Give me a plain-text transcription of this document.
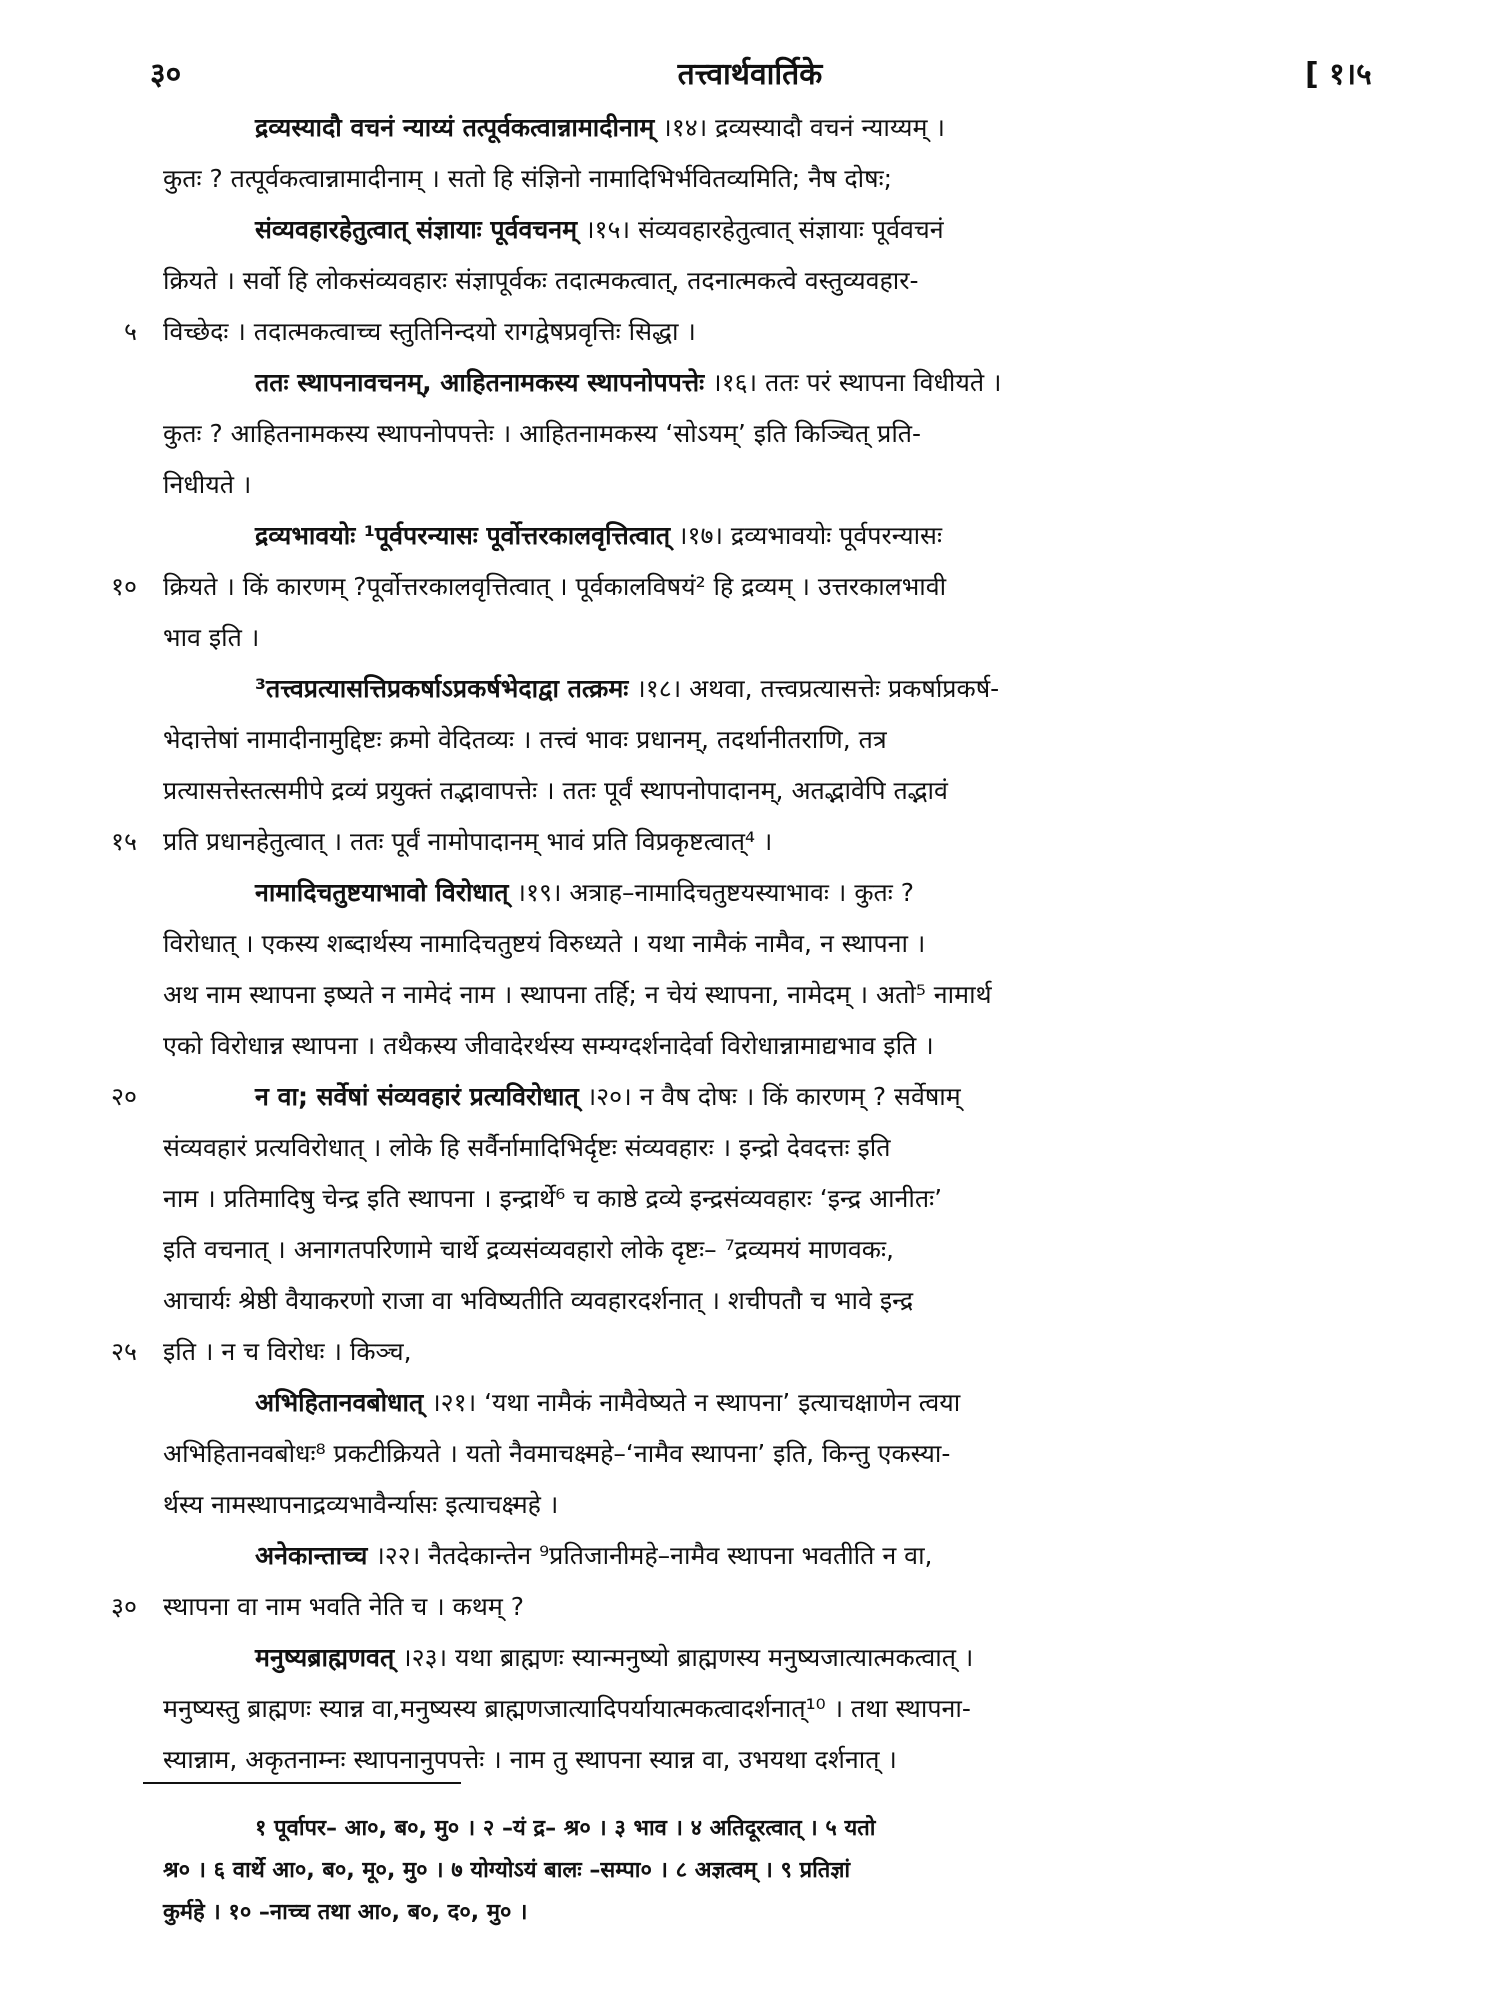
३०	तत्त्वार्थवार्तिके	[ १।५
द्रव्यस्यादौ वचनं न्याय्यं तत्पूर्वकत्वान्नामादीनाम् ।१४। द्रव्यस्यादौ वचनं न्याय्यम् ।
कुतः ? तत्पूर्वकत्वान्नामादीनाम् । सतो हि संज्ञिनो नामादिभिर्भवितव्यमिति; नैष दोषः;
संव्यवहारहेतुत्वात् संज्ञायाः पूर्ववचनम् ।१५। संव्यवहारहेतुत्वात् संज्ञायाः पूर्ववचनं
क्रियते । सर्वो हि लोकसंव्यवहारः संज्ञापूर्वकः तदात्मकत्वात्, तदनात्मकत्वे वस्तुव्यवहार-
५ विच्छेदः । तदात्मकत्वाच्च स्तुतिनिन्दयो रागद्वेषप्रवृत्तिः सिद्धा ।
ततः स्थापनावचनम्, आहितनामकस्य स्थापनोपपत्तेः ।१६। ततः परं स्थापना विधीयते ।
कुतः ? आहितनामकस्य स्थापनोपपत्तेः । आहितनामकस्य ‘सोऽयम्’ इति किञ्चित् प्रति-
निधीयते ।
द्रव्यभावयोः ¹पूर्वपरन्यासः पूर्वोत्तरकालवृत्तित्वात् ।१७। द्रव्यभावयोः पूर्वपरन्यासः
१० क्रियते । किं कारणम् ?पूर्वोत्तरकालवृत्तित्वात् । पूर्वकालविषयं² हि द्रव्यम् । उत्तरकालभावी
भाव इति ।
³तत्त्वप्रत्यासत्तिप्रकर्षाऽप्रकर्षभेदाद्वा तत्क्रमः ।१८। अथवा, तत्त्वप्रत्यासत्तेः प्रकर्षाप्रकर्ष-
भेदात्तेषां नामादीनामुद्दिष्टः क्रमो वेदितव्यः । तत्त्वं भावः प्रधानम्, तदर्थानीतराणि, तत्र
प्रत्यासत्तेस्तत्समीपे द्रव्यं प्रयुक्तं तद्भावापत्तेः । ततः पूर्वं स्थापनोपादानम्, अतद्भावेपि तद्भावं
१५ प्रति प्रधानहेतुत्वात् । ततः पूर्वं नामोपादानम् भावं प्रति विप्रकृष्टत्वात्⁴ ।
नामादिचतुष्टयाभावो विरोधात् ।१९। अत्राह–नामादिचतुष्टयस्याभावः । कुतः ?
विरोधात् । एकस्य शब्दार्थस्य नामादिचतुष्टयं विरुध्यते । यथा नामैकं नामैव, न स्थापना ।
अथ नाम स्थापना इष्यते न नामेदं नाम । स्थापना तर्हि; न चेयं स्थापना, नामेदम् । अतो⁵ नामार्थ
एको विरोधान्न स्थापना । तथैकस्य जीवादेरर्थस्य सम्यग्दर्शनादेर्वा विरोधान्नामाद्यभाव इति ।
२०	न वा; सर्वेषां संव्यवहारं प्रत्यविरोधात् ।२०। न वैष दोषः । किं कारणम् ? सर्वेषाम्
संव्यवहारं प्रत्यविरोधात् । लोके हि सर्वैर्नामादिभिर्दृष्टः संव्यवहारः । इन्द्रो देवदत्तः इति
नाम । प्रतिमादिषु चेन्द्र इति स्थापना । इन्द्रार्थे⁶ च काष्ठे द्रव्ये इन्द्रसंव्यवहारः ‘इन्द्र आनीतः’
इति वचनात् । अनागतपरिणामे चार्थे द्रव्यसंव्यवहारो लोके दृष्टः– ⁷द्रव्यमयं माणवकः,
आचार्यः श्रेष्ठी वैयाकरणो राजा वा भविष्यतीति व्यवहारदर्शनात् । शचीपतौ च भावे इन्द्र
२५ इति । न च विरोधः । किञ्च,
अभिहितानवबोधात् ।२१। ‘यथा नामैकं नामैवेष्यते न स्थापना’ इत्याचक्षाणेन त्वया
अभिहितानवबोधः⁸ प्रकटीक्रियते । यतो नैवमाचक्ष्महे–‘नामैव स्थापना’ इति, किन्तु एकस्या-
र्थस्य नामस्थापनाद्रव्यभावैर्न्यासः इत्याचक्ष्महे ।
अनेकान्ताच्च ।२२। नैतदेकान्तेन ⁹प्रतिजानीमहे–नामैव स्थापना भवतीति न वा,
३० स्थापना वा नाम भवति नेति च । कथम् ?
मनुष्यब्राह्मणवत् ।२३। यथा ब्राह्मणः स्यान्मनुष्यो ब्राह्मणस्य मनुष्यजात्यात्मकत्वात् ।
मनुष्यस्तु ब्राह्मणः स्यान्न वा,मनुष्यस्य ब्राह्मणजात्यादिपर्यायात्मकत्वादर्शनात्¹⁰ । तथा स्थापना-
स्यान्नाम, अकृतनाम्नः स्थापनानुपपत्तेः । नाम तु स्थापना स्यान्न वा, उभयथा दर्शनात् ।
१ पूर्वापर– आ०, ब०, मु० । २ –यं द्र– श्र० । ३ भाव । ४ अतिदूरत्वात् । ५ यतो
श्र० । ६ वार्थे आ०, ब०, मू०, मु० । ७ योग्योऽयं बालः –सम्पा० । ८ अज्ञत्वम् । ९ प्रतिज्ञां
कुर्महे । १० –नाच्च तथा आ०, ब०, द०, मु० ।
